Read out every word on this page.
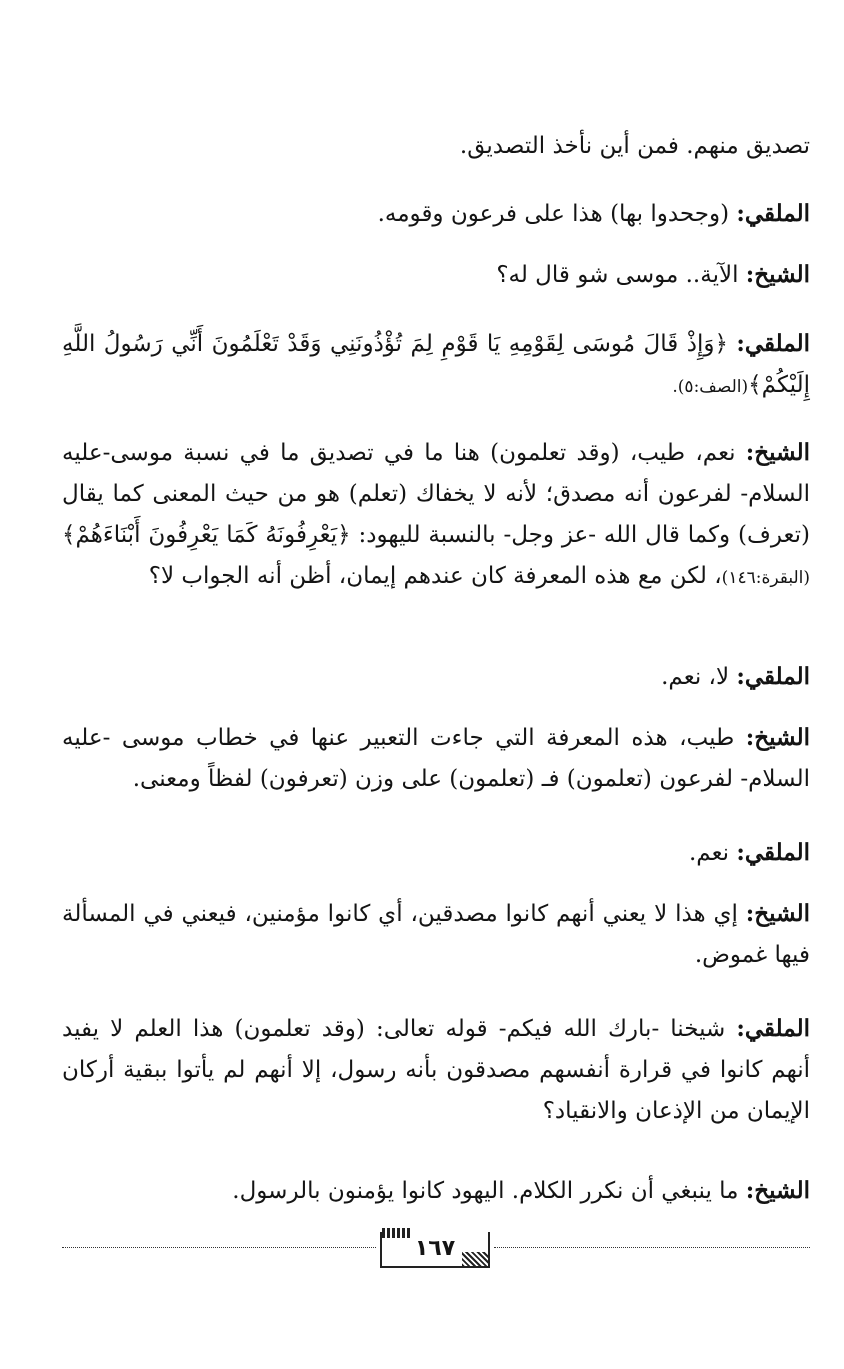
تصديق منهم. فمن أين نأخذ التصديق.

الملقي: (وجحدوا بها) هذا على فرعون وقومه.

الشيخ: الآية.. موسى شو قال له؟

الملقي: ﴿وَإِذْ قَالَ مُوسَى لِقَوْمِهِ يَا قَوْمِ لِمَ تُؤْذُونَنِي وَقَدْ تَعْلَمُونَ أَنِّي رَسُولُ اللَّهِ إِلَيْكُمْ﴾(الصف:٥).

الشيخ: نعم، طيب، (وقد تعلمون) هنا ما في تصديق ما في نسبة موسى-عليه السلام- لفرعون أنه مصدق؛ لأنه لا يخفاك (تعلم) هو من حيث المعنى كما يقال (تعرف) وكما قال الله -عز وجل- بالنسبة لليهود: ﴿يَعْرِفُونَهُ كَمَا يَعْرِفُونَ أَبْنَاءَهُمْ﴾(البقرة:١٤٦)، لكن مع هذه المعرفة كان عندهم إيمان، أظن أنه الجواب لا؟

الملقي: لا، نعم.

الشيخ: طيب، هذه المعرفة التي جاءت التعبير عنها في خطاب موسى -عليه السلام- لفرعون (تعلمون) فـ (تعلمون) على وزن (تعرفون) لفظاً ومعنى.

الملقي: نعم.

الشيخ: إي هذا لا يعني أنهم كانوا مصدقين، أي كانوا مؤمنين، فيعني في المسألة فيها غموض.

الملقي: شيخنا -بارك الله فيكم- قوله تعالى: (وقد تعلمون) هذا العلم لا يفيد أنهم كانوا في قرارة أنفسهم مصدقون بأنه رسول، إلا أنهم لم يأتوا ببقية أركان الإيمان من الإذعان والانقياد؟

الشيخ: ما ينبغي أن نكرر الكلام. اليهود كانوا يؤمنون بالرسول.

١٦٧
